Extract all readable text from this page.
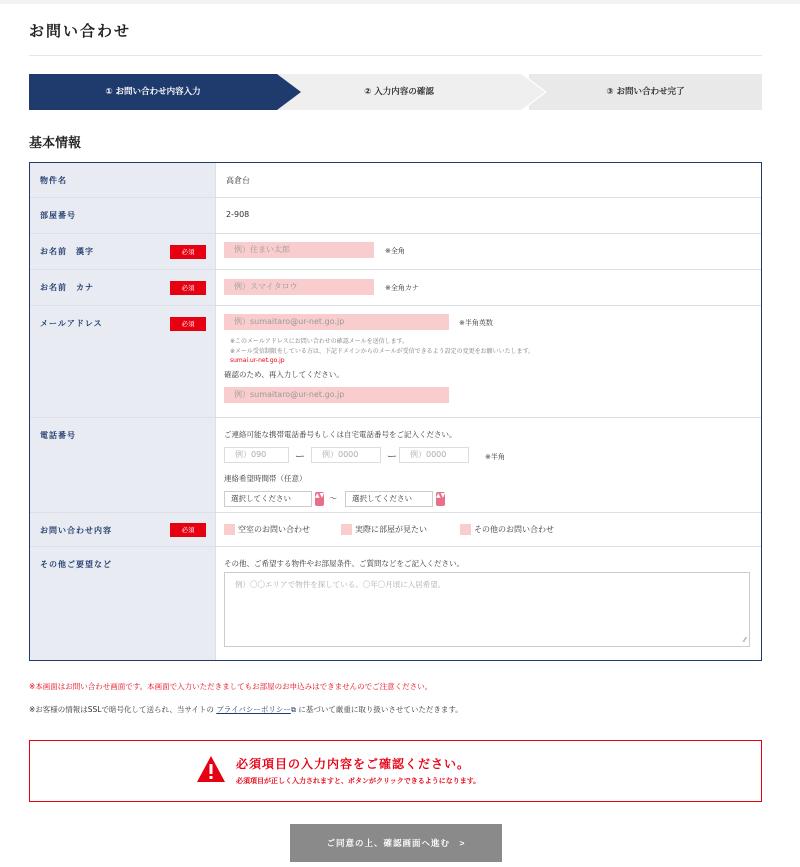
お問い合わせ
① お問い合わせ内容入力	② 入力内容の確認	③ お問い合わせ完了
基本情報
物件名	高倉台
部屋番号	2-908
お名前　漢字	必須	例）住まい太郎	※全角
お名前　カナ	必須	例）スマイタロウ	※全角カナ
メールアドレス	必須	例）sumaitaro@ur-net.go.jp	※半角英数
※このメールアドレスにお問い合わせの確認メールを送信します。
※メール受信制限をしている方は、下記ドメインからのメールが受信できるよう設定の変更をお願いいたします。
sumai.ur-net.go.jp
確認のため、再入力してください。
例）sumaitaro@ur-net.go.jp
電話番号	ご連絡可能な携帯電話番号もしくは自宅電話番号をご記入ください。
例）090	ー	例）0000	ー	例）0000	※半角
連絡希望時間帯（任意）
選択してください	▲▼ 〜	選択してください	▲▼
お問い合わせ内容	必須	空室のお問い合わせ	実際に部屋が見たい	その他のお問い合わせ
その他ご要望など	その他、ご希望する物件やお部屋条件、ご質問などをご記入ください。
例）〇〇エリアで物件を探している。〇年〇月頃に入居希望。
⁄⁄
※本画面はお問い合わせ画面です。本画面で入力いただきましてもお部屋のお申込みはできませんのでご注意ください。
※お客様の情報はSSLで暗号化して送られ、当サイトの プライバシーポリシー⧉ に基づいて厳重に取り扱いさせていただきます。
必須項目の入力内容をご確認ください。
必須項目が正しく入力されますと、ボタンがクリックできるようになります。
ご同意の上、確認画面へ進む　>
